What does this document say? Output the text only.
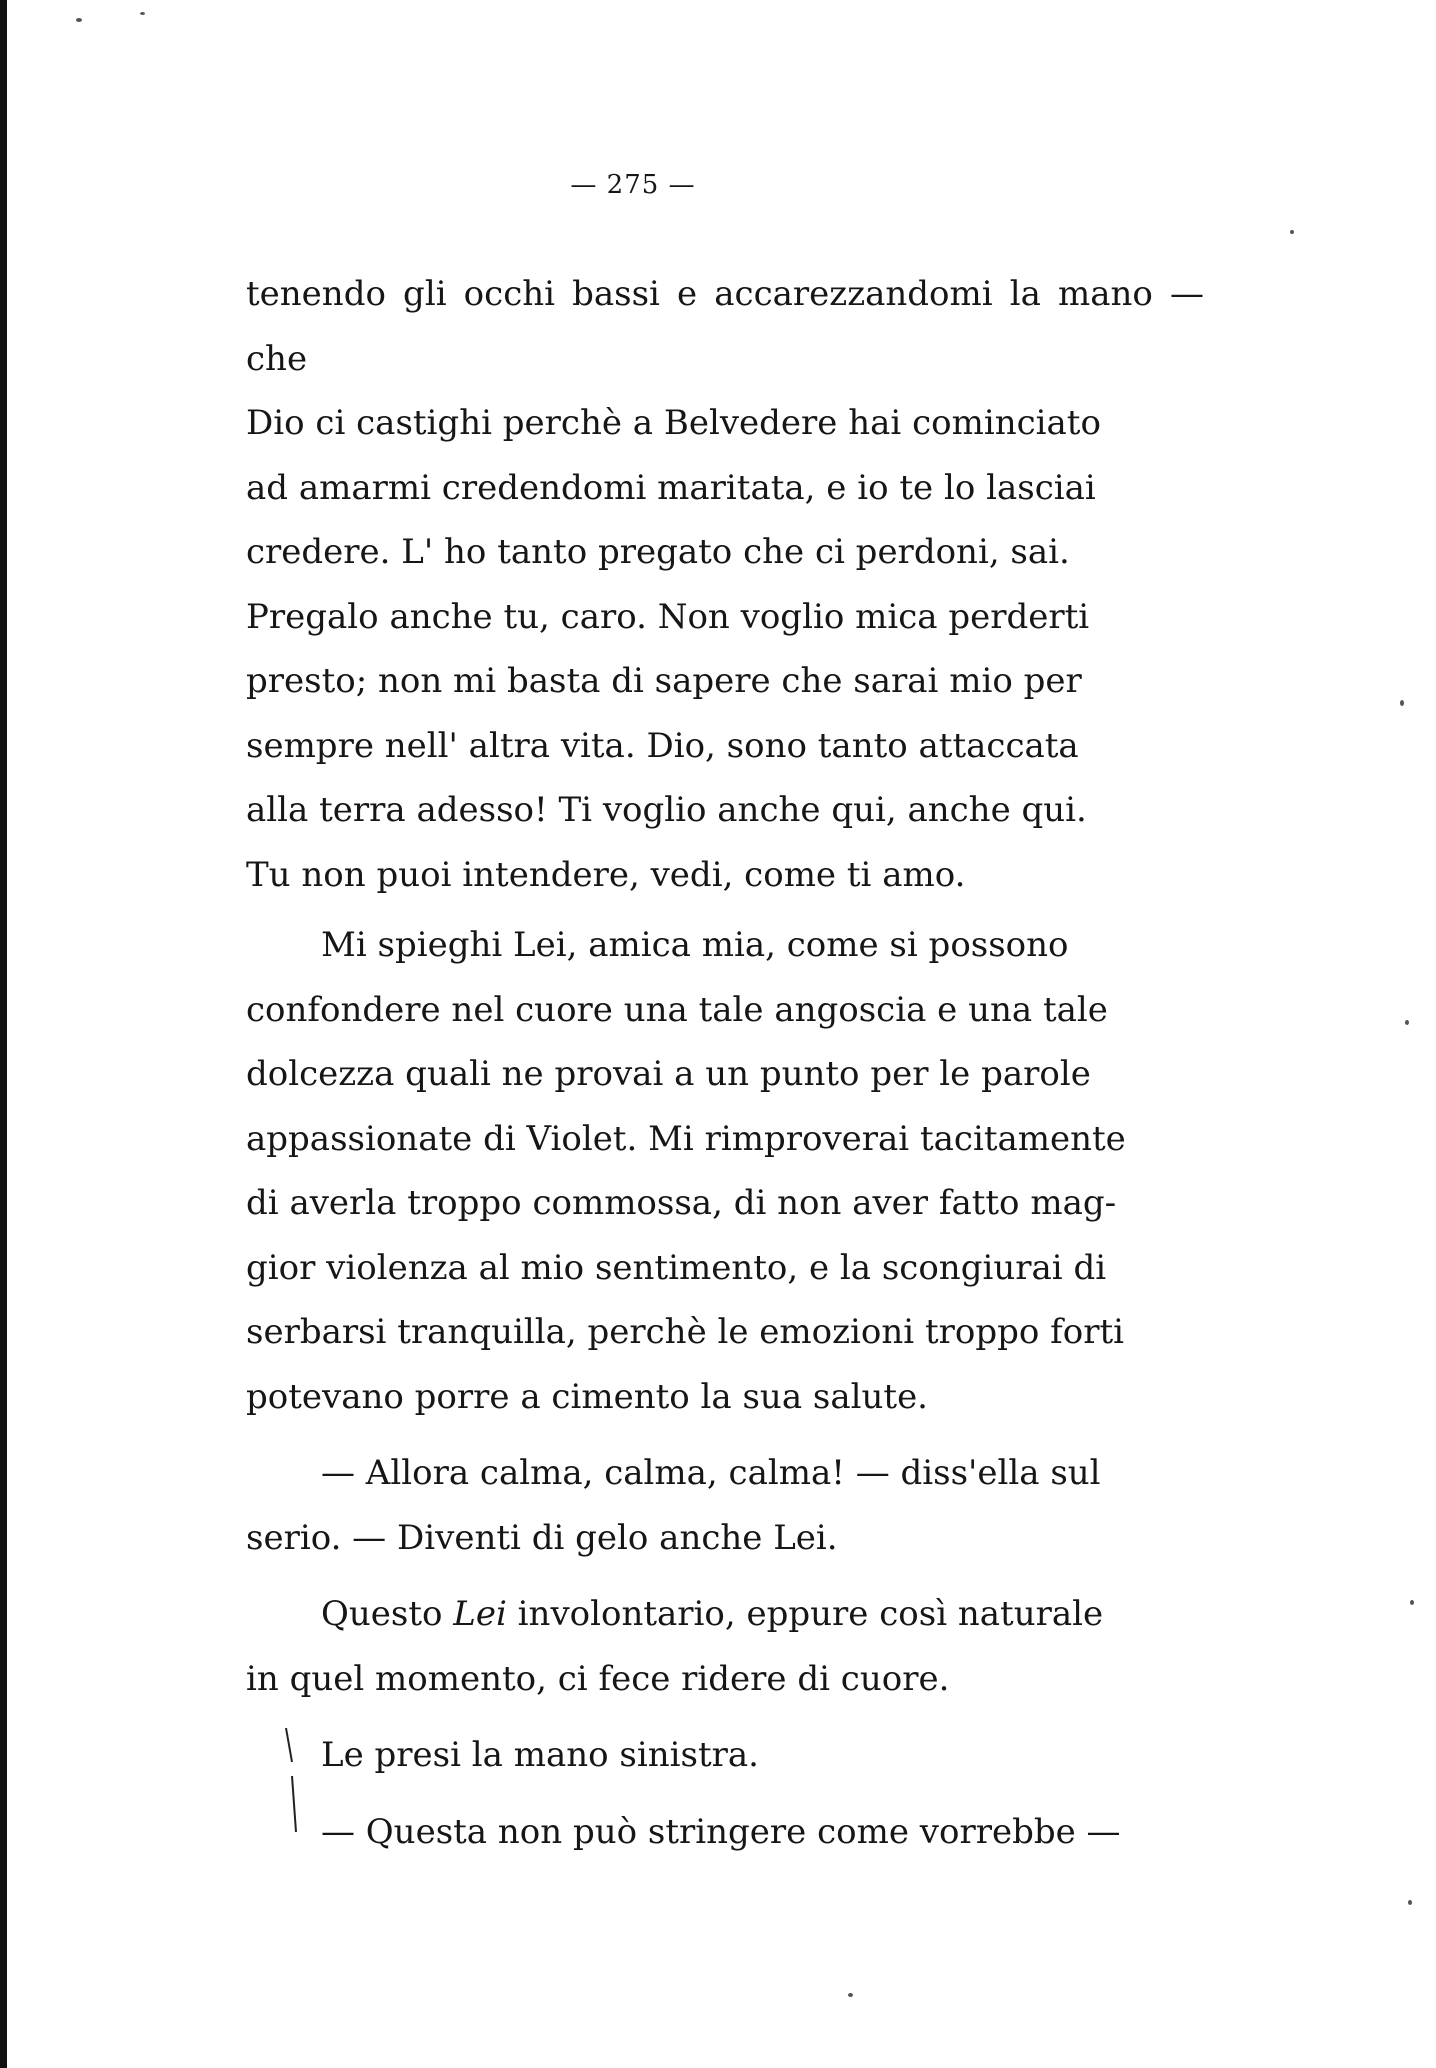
— 275 —

tenendo gli occhi bassi e accarezzandomi la mano — che
Dio ci castighi perchè a Belvedere hai cominciato
ad amarmi credendomi maritata, e io te lo lasciai
credere. L' ho tanto pregato che ci perdoni, sai.
Pregalo anche tu, caro. Non voglio mica perderti
presto; non mi basta di sapere che sarai mio per
sempre nell' altra vita. Dio, sono tanto attaccata
alla terra adesso! Ti voglio anche qui, anche qui.
Tu non puoi intendere, vedi, come ti amo.

Mi spieghi Lei, amica mia, come si possono
confondere nel cuore una tale angoscia e una tale
dolcezza quali ne provai a un punto per le parole
appassionate di Violet. Mi rimproverai tacitamente
di averla troppo commossa, di non aver fatto mag-
gior violenza al mio sentimento, e la scongiurai di
serbarsi tranquilla, perchè le emozioni troppo forti
potevano porre a cimento la sua salute.

— Allora calma, calma, calma! — diss'ella sul
serio. — Diventi di gelo anche Lei.

Questo Lei involontario, eppure così naturale
in quel momento, ci fece ridere di cuore.

Le presi la mano sinistra.

— Questa non può stringere come vorrebbe —
